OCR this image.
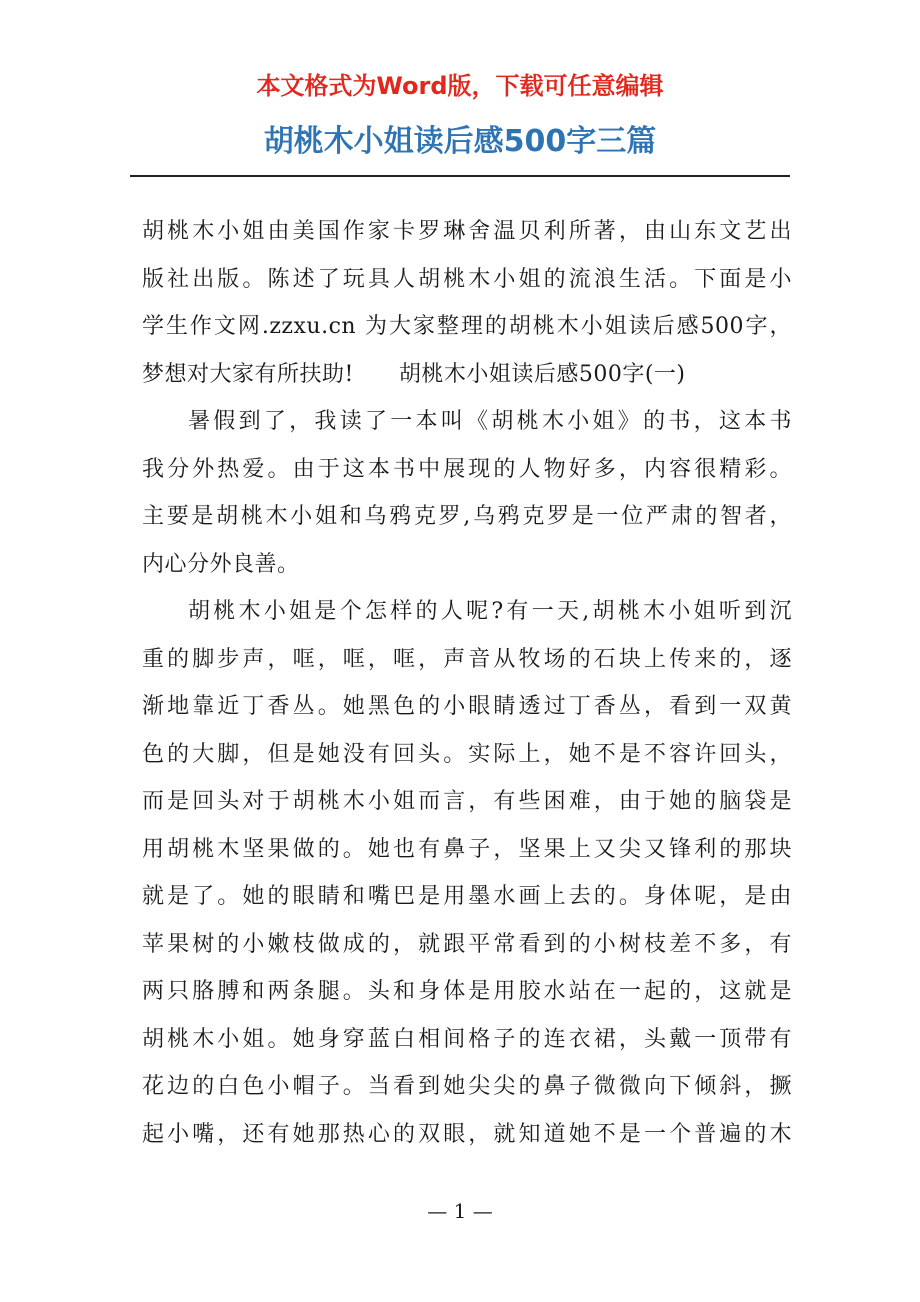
本文格式为Word版，下载可任意编辑
胡桃木小姐读后感500字三篇
胡桃木小姐由美国作家卡罗琳舍温贝利所著，由山东文艺出
版社出版。陈述了玩具人胡桃木小姐的流浪生活。下面是小
学生作文网.zzxu.cn 为大家整理的胡桃木小姐读后感500字，
梦想对大家有所扶助!　　胡桃木小姐读后感500字(一)
暑假到了，我读了一本叫《胡桃木小姐》的书，这本书
我分外热爱。由于这本书中展现的人物好多，内容很精彩。
主要是胡桃木小姐和乌鸦克罗,乌鸦克罗是一位严肃的智者，
内心分外良善。
胡桃木小姐是个怎样的人呢?有一天,胡桃木小姐听到沉
重的脚步声，哐，哐，哐，声音从牧场的石块上传来的，逐
渐地靠近丁香丛。她黑色的小眼睛透过丁香丛，看到一双黄
色的大脚，但是她没有回头。实际上，她不是不容许回头，
而是回头对于胡桃木小姐而言，有些困难，由于她的脑袋是
用胡桃木坚果做的。她也有鼻子，坚果上又尖又锋利的那块
就是了。她的眼睛和嘴巴是用墨水画上去的。身体呢，是由
苹果树的小嫩枝做成的，就跟平常看到的小树枝差不多，有
两只胳膊和两条腿。头和身体是用胶水站在一起的，这就是
胡桃木小姐。她身穿蓝白相间格子的连衣裙，头戴一顶带有
花边的白色小帽子。当看到她尖尖的鼻子微微向下倾斜，撅
起小嘴，还有她那热心的双眼，就知道她不是一个普遍的木
— 1 —
